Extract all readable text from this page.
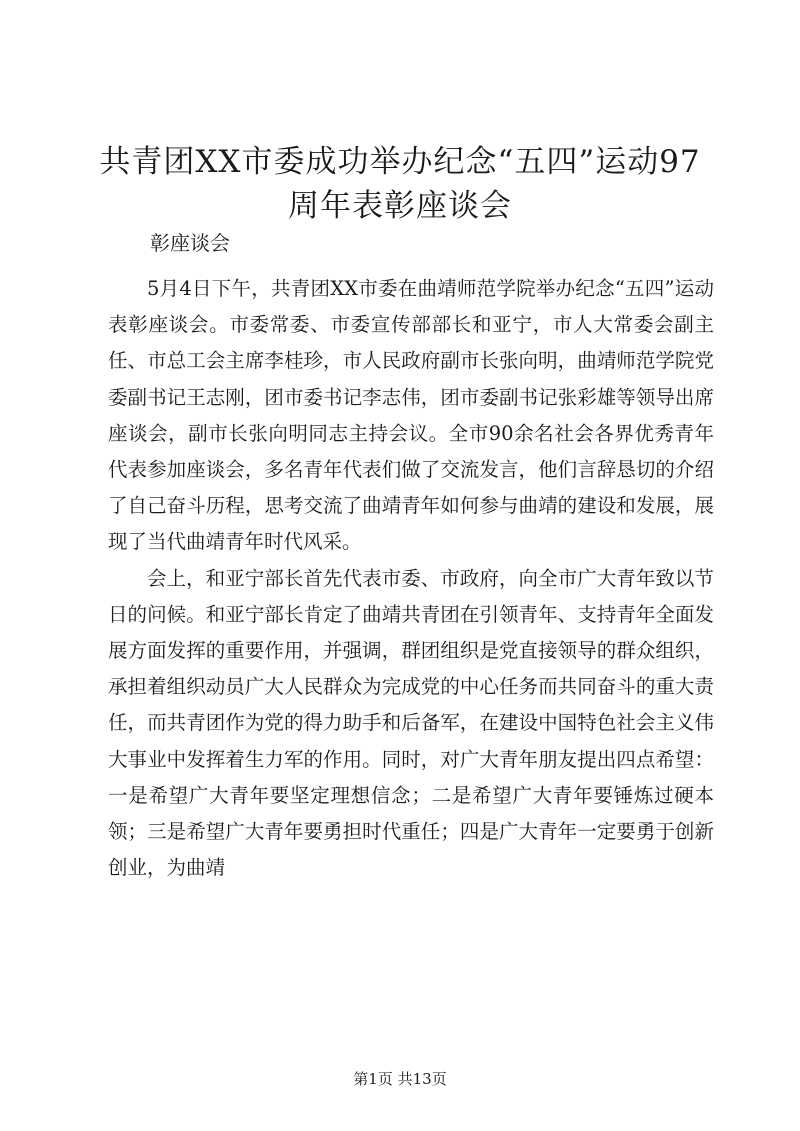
共青团XX市委成功举办纪念“五四”运动97周年表彰座谈会

彰座谈会

5月4日下午，共青团XX市委在曲靖师范学院举办纪念“五四”运动表彰座谈会。市委常委、市委宣传部部长和亚宁，市人大常委会副主任、市总工会主席李桂珍，市人民政府副市长张向明，曲靖师范学院党委副书记王志刚，团市委书记李志伟，团市委副书记张彩雄等领导出席座谈会，副市长张向明同志主持会议。全市90余名社会各界优秀青年代表参加座谈会，多名青年代表们做了交流发言，他们言辞恳切的介绍了自己奋斗历程，思考交流了曲靖青年如何参与曲靖的建设和发展，展现了当代曲靖青年时代风采。

会上，和亚宁部长首先代表市委、市政府，向全市广大青年致以节日的问候。和亚宁部长肯定了曲靖共青团在引领青年、支持青年全面发展方面发挥的重要作用，并强调，群团组织是党直接领导的群众组织，承担着组织动员广大人民群众为完成党的中心任务而共同奋斗的重大责任，而共青团作为党的得力助手和后备军，在建设中国特色社会主义伟大事业中发挥着生力军的作用。同时，对广大青年朋友提出四点希望：一是希望广大青年要坚定理想信念；二是希望广大青年要锤炼过硬本领；三是希望广大青年要勇担时代重任；四是广大青年一定要勇于创新创业，为曲靖

第1页 共13页
